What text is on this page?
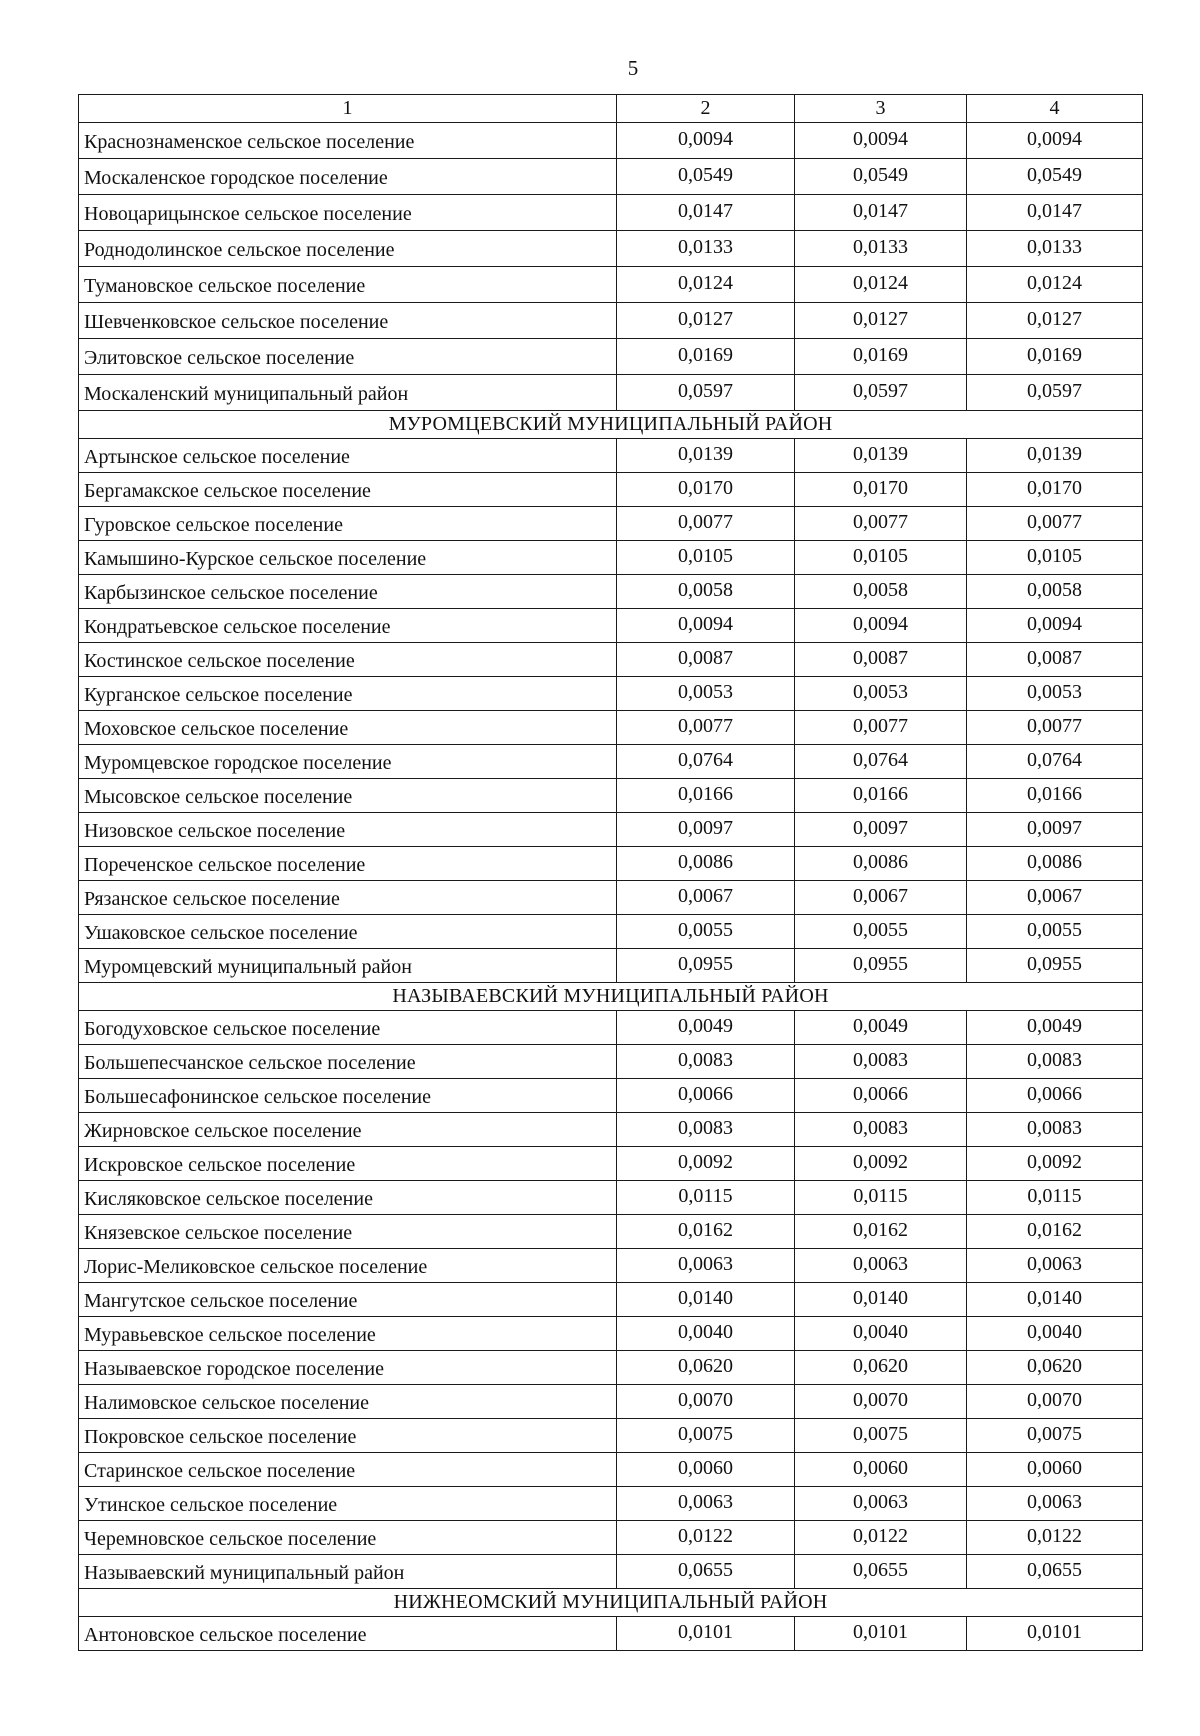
5
1	2	3	4
Краснознаменское сельское поселение	0,0094	0,0094	0,0094
Москаленское городское поселение	0,0549	0,0549	0,0549
Новоцарицынское сельское поселение	0,0147	0,0147	0,0147
Роднодолинское сельское поселение	0,0133	0,0133	0,0133
Тумановское сельское поселение	0,0124	0,0124	0,0124
Шевченковское сельское поселение	0,0127	0,0127	0,0127
Элитовское сельское поселение	0,0169	0,0169	0,0169
Москаленский муниципальный район	0,0597	0,0597	0,0597
МУРОМЦЕВСКИЙ МУНИЦИПАЛЬНЫЙ РАЙОН			
Артынское сельское поселение	0,0139	0,0139	0,0139
Бергамакское сельское поселение	0,0170	0,0170	0,0170
Гуровское сельское поселение	0,0077	0,0077	0,0077
Камышино-Курское сельское поселение	0,0105	0,0105	0,0105
Карбызинское сельское поселение	0,0058	0,0058	0,0058
Кондратьевское сельское поселение	0,0094	0,0094	0,0094
Костинское сельское поселение	0,0087	0,0087	0,0087
Курганское сельское поселение	0,0053	0,0053	0,0053
Моховское сельское поселение	0,0077	0,0077	0,0077
Муромцевское городское поселение	0,0764	0,0764	0,0764
Мысовское сельское поселение	0,0166	0,0166	0,0166
Низовское сельское поселение	0,0097	0,0097	0,0097
Пореченское сельское поселение	0,0086	0,0086	0,0086
Рязанское сельское поселение	0,0067	0,0067	0,0067
Ушаковское сельское поселение	0,0055	0,0055	0,0055
Муромцевский муниципальный район	0,0955	0,0955	0,0955
НАЗЫВАЕВСКИЙ МУНИЦИПАЛЬНЫЙ РАЙОН			
Богодуховское сельское поселение	0,0049	0,0049	0,0049
Большепесчанское сельское поселение	0,0083	0,0083	0,0083
Большесафонинское сельское поселение	0,0066	0,0066	0,0066
Жирновское сельское поселение	0,0083	0,0083	0,0083
Искровское сельское поселение	0,0092	0,0092	0,0092
Кисляковское сельское поселение	0,0115	0,0115	0,0115
Князевское сельское поселение	0,0162	0,0162	0,0162
Лорис-Меликовское сельское поселение	0,0063	0,0063	0,0063
Мангутское сельское поселение	0,0140	0,0140	0,0140
Муравьевское сельское поселение	0,0040	0,0040	0,0040
Называевское городское поселение	0,0620	0,0620	0,0620
Налимовское сельское поселение	0,0070	0,0070	0,0070
Покровское сельское поселение	0,0075	0,0075	0,0075
Старинское сельское поселение	0,0060	0,0060	0,0060
Утинское сельское поселение	0,0063	0,0063	0,0063
Черемновское сельское поселение	0,0122	0,0122	0,0122
Называевский муниципальный район	0,0655	0,0655	0,0655
НИЖНЕОМСКИЙ МУНИЦИПАЛЬНЫЙ РАЙОН			
Антоновское сельское поселение	0,0101	0,0101	0,0101
